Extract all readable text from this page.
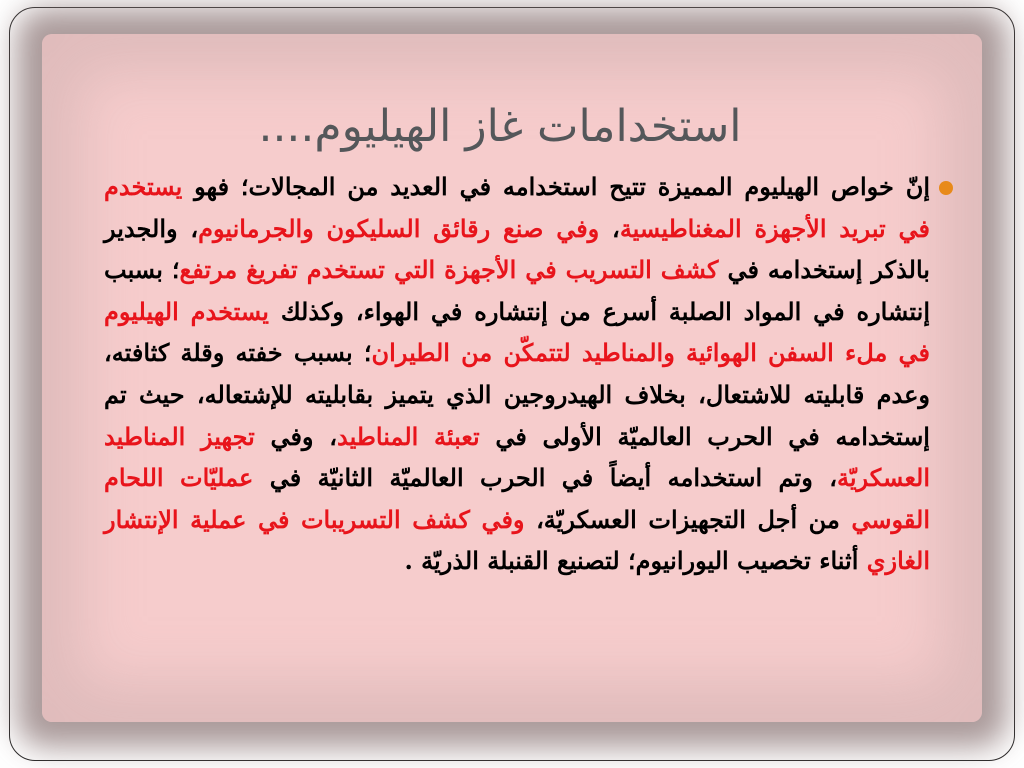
استخدامات غاز الهيليوم....

إنّ خواص الهيليوم المميزة تتيح استخدامه في العديد من المجالات؛ فهو يستخدم في تبريد الأجهزة المغناطيسية، وفي صنع رقائق السليكون والجرمانيوم، والجدير بالذكر إستخدامه في كشف التسريب في الأجهزة التي تستخدم تفريغ مرتفع؛ بسبب إنتشاره في المواد الصلبة أسرع من إنتشاره في الهواء، وكذلك يستخدم الهيليوم في ملء السفن الهوائية والمناطيد لتتمكّن من الطيران؛ بسبب خفته وقلة كثافته، وعدم قابليته للاشتعال، بخلاف الهيدروجين الذي يتميز بقابليته للإشتعاله، حيث تم إستخدامه في الحرب العالميّة الأولى في تعبئة المناطيد، وفي تجهيز المناطيد العسكريّة، وتم استخدامه أيضاً في الحرب العالميّة الثانيّة في عمليّات اللحام القوسي من أجل التجهيزات العسكريّة، وفي كشف التسريبات في عملية الإنتشار الغازي أثناء تخصيب اليورانيوم؛ لتصنيع القنبلة الذريّة .
